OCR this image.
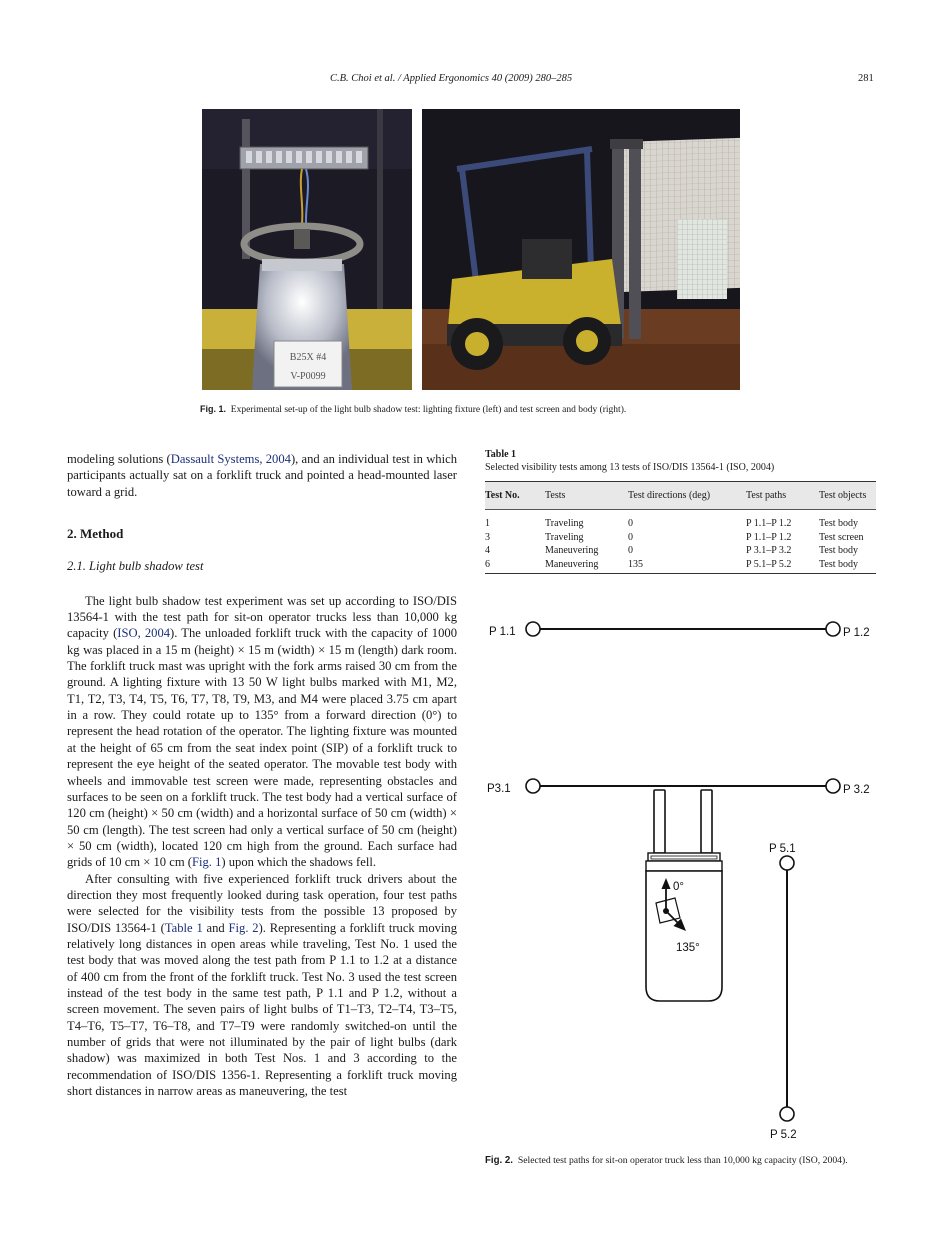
C.B. Choi et al. / Applied Ergonomics 40 (2009) 280–285	281
B25X #4
V-P0099
Fig. 1. Experimental set-up of the light bulb shadow test: lighting fixture (left) and test screen and body (right).

modeling solutions (Dassault Systems, 2004), and an individual test in which participants actually sat on a forklift truck and pointed a head-mounted laser toward a grid.

2. Method

2.1. Light bulb shadow test

The light bulb shadow test experiment was set up according to ISO/DIS 13564-1 with the test path for sit-on operator trucks less than 10,000 kg capacity (ISO, 2004). The unloaded forklift truck with the capacity of 1000 kg was placed in a 15 m (height) × 15 m (width) × 15 m (length) dark room. The forklift truck mast was upright with the fork arms raised 30 cm from the ground. A lighting fixture with 13 50 W light bulbs marked with M1, M2, T1, T2, T3, T4, T5, T6, T7, T8, T9, M3, and M4 were placed 3.75 cm apart in a row. They could rotate up to 135° from a forward direction (0°) to represent the head rotation of the operator. The lighting fixture was mounted at the height of 65 cm from the seat index point (SIP) of a forklift truck to represent the eye height of the seated operator. The movable test body with wheels and immovable test screen were made, representing obstacles and surfaces to be seen on a forklift truck. The test body had a vertical surface of 120 cm (height) × 50 cm (width) and a horizontal surface of 50 cm (width) × 50 cm (length). The test screen had only a vertical surface of 50 cm (height) × 50 cm (width), located 120 cm high from the ground. Each surface had grids of 10 cm × 10 cm (Fig. 1) upon which the shadows fell.

After consulting with five experienced forklift truck drivers about the direction they most frequently looked during task operation, four test paths were selected for the visibility tests from the possible 13 proposed by ISO/DIS 13564-1 (Table 1 and Fig. 2). Representing a forklift truck moving relatively long distances in open areas while traveling, Test No. 1 used the test body that was moved along the test path from P 1.1 to 1.2 at a distance of 400 cm from the front of the forklift truck. Test No. 3 used the test screen instead of the test body in the same test path, P 1.1 and P 1.2, without a screen movement. The seven pairs of light bulbs of T1–T3, T2–T4, T3–T5, T4–T6, T5–T7, T6–T8, and T7–T9 were randomly switched-on until the number of grids that were not illuminated by the pair of light bulbs (dark shadow) was maximized in both Test Nos. 1 and 3 according to the recommendation of ISO/DIS 1356-1. Representing a forklift truck moving short distances in narrow areas as maneuvering, the test

Table 1
Selected visibility tests among 13 tests of ISO/DIS 13564-1 (ISO, 2004)
Test No.	Tests	Test directions (deg)	Test paths	Test objects
1	Traveling	0	P 1.1–P 1.2	Test body
3	Traveling	0	P 1.1–P 1.2	Test screen
4	Maneuvering	0	P 3.1–P 3.2	Test body
6	Maneuvering	135	P 5.1–P 5.2	Test body
P 1.1	P 1.2
P3.1	P 3.2
P 5.1
P 5.2
0°
135°
Fig. 2. Selected test paths for sit-on operator truck less than 10,000 kg capacity (ISO, 2004).
